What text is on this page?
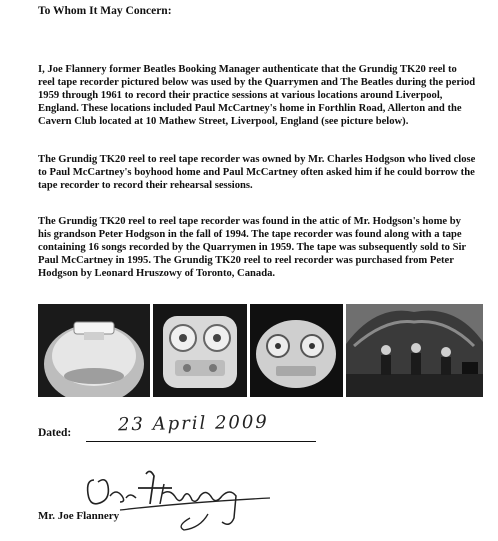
To Whom It May Concern:

I, Joe Flannery former Beatles Booking Manager authenticate that the Grundig TK20 reel to reel tape recorder pictured below was used by the Quarrymen and The Beatles during the period 1959 through 1961 to record their practice sessions at various locations around Liverpool, England. These locations included Paul McCartney's home in Forthlin Road, Allerton and the Cavern Club located at 10 Mathew Street, Liverpool, England (see picture below).

The Grundig TK20 reel to reel tape recorder was owned by Mr. Charles Hodgson who lived close to Paul McCartney's boyhood home and Paul McCartney often asked him if he could borrow the tape recorder to record their rehearsal sessions.

The Grundig TK20 reel to reel tape recorder was found in the attic of Mr. Hodgson's home by his grandson Peter Hodgson in the fall of 1994. The tape recorder was found along with a tape containing 16 songs recorded by the Quarrymen in 1959. The tape was subsequently sold to Sir Paul McCartney in 1995. The Grundig TK20 reel to reel recorder was purchased from Peter Hodgson by Leonard Hruszowy of Toronto, Canada.

Dated:	23 April 2009
Mr. Joe Flannery
